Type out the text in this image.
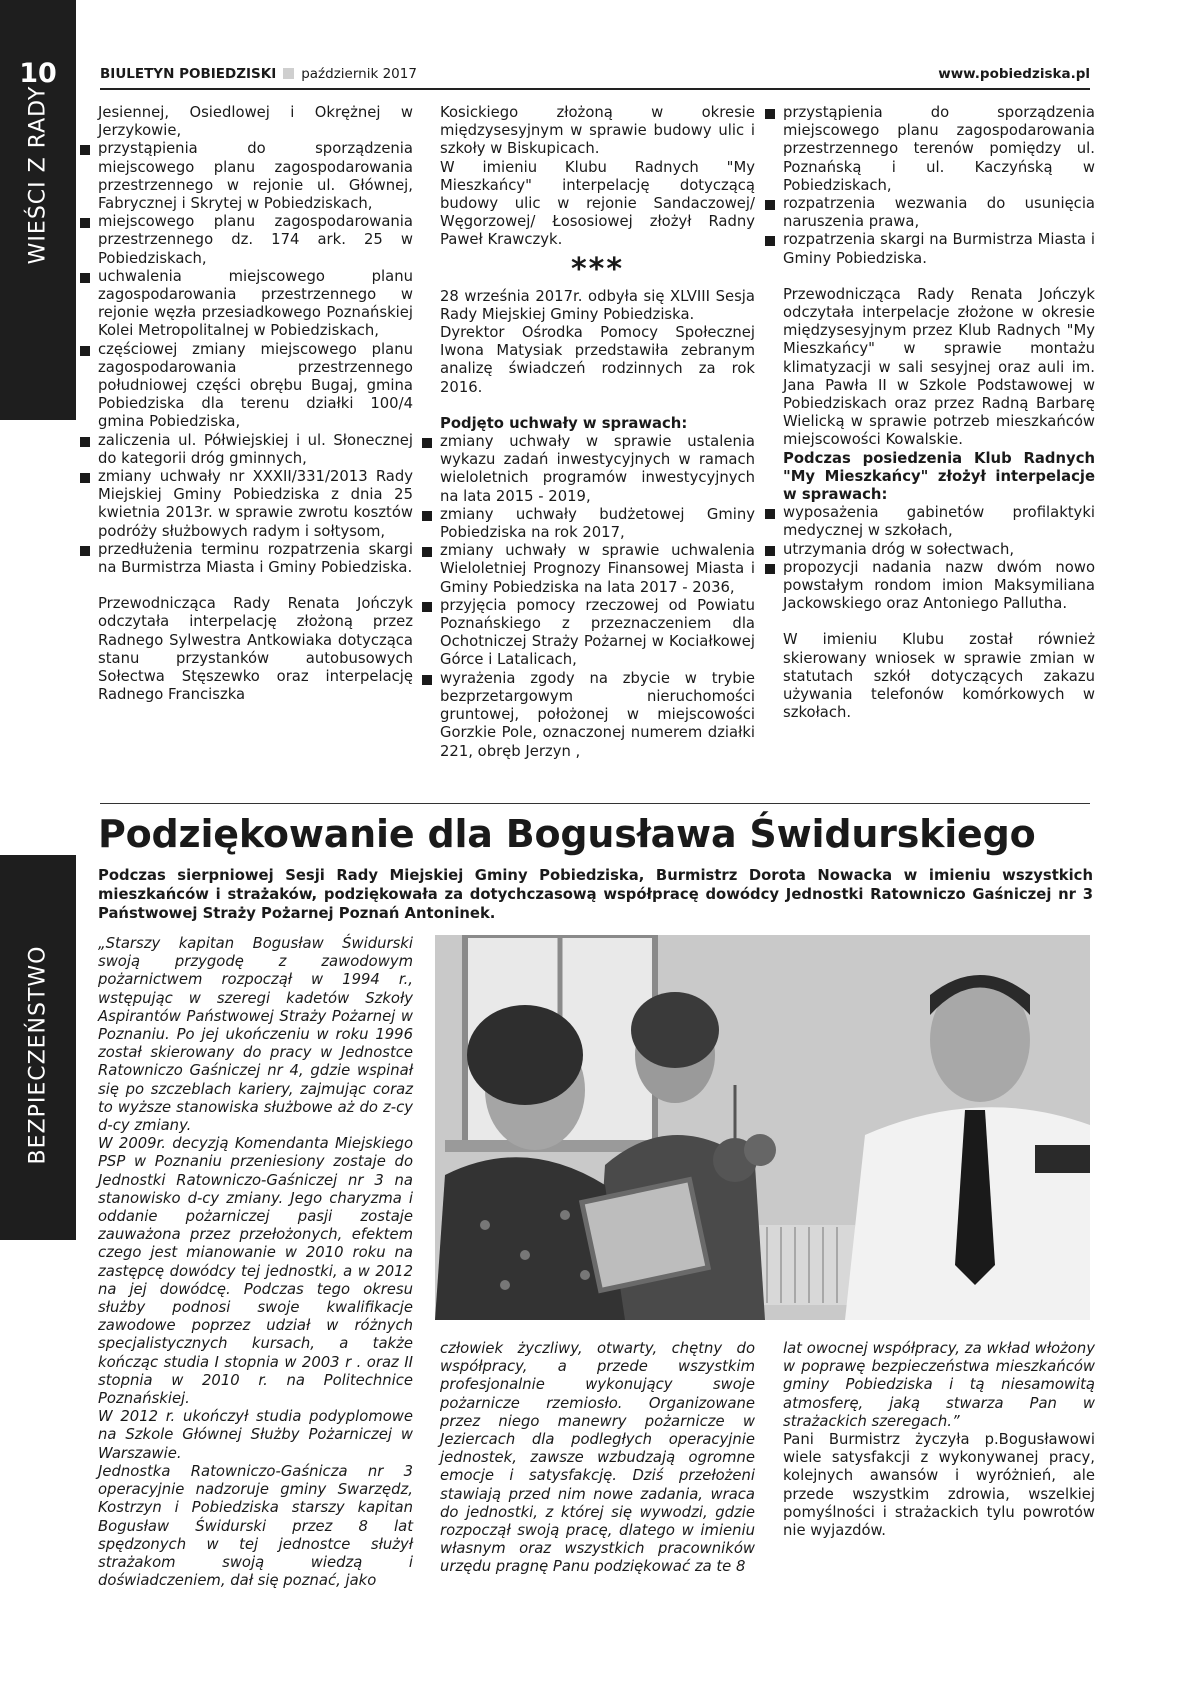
10
WIEŚCI Z RADY
BEZPIECZEŃSTWO
BIULETYN POBIEDZISKI październik 2017	www.pobiedziska.pl

Jesiennej, Osiedlowej i Okrężnej w Jerzykowie,

przystąpienia do sporządzenia miejscowego planu zagospodarowania przestrzennego w rejonie ul. Głównej, Fabrycznej i Skrytej w Pobiedziskach,
miejscowego planu zagospodarowania przestrzennego dz. 174 ark. 25 w Pobiedziskach,
uchwalenia miejscowego planu zagospodarowania przestrzennego w rejonie węzła przesiadkowego Poznańskiej Kolei Metropolitalnej w Pobiedziskach,
częściowej zmiany miejscowego planu zagospodarowania przestrzennego południowej części obrębu Bugaj, gmina Pobiedziska dla terenu działki 100/4 gmina Pobiedziska,
zaliczenia ul. Półwiejskiej i ul. Słonecznej do kategorii dróg gminnych,
zmiany uchwały nr XXXII/331/2013 Rady Miejskiej Gminy Pobiedziska z dnia 25 kwietnia 2013r. w sprawie zwrotu kosztów podróży służbowych radym i sołtysom,
przedłużenia terminu rozpatrzenia skargi na Burmistrza Miasta i Gminy Pobiedziska.

Przewodnicząca Rady Renata Jończyk odczytała interpelację złożoną przez Radnego Sylwestra Antkowiaka dotycząca stanu przystanków autobusowych Sołectwa Stęszewko oraz interpelację Radnego Franciszka

Kosickiego złożoną w okresie międzysesyjnym w sprawie budowy ulic i szkoły w Biskupicach.

W imieniu Klubu Radnych "My Mieszkańcy" interpelację dotyczącą budowy ulic w rejonie Sandaczowej/ Węgorzowej/ Łososiowej złożył Radny Paweł Krawczyk.

***

28 września 2017r. odbyła się XLVIII Sesja Rady Miejskiej Gminy Pobiedziska.

Dyrektor Ośrodka Pomocy Społecznej Iwona Matysiak przedstawiła zebranym analizę świadczeń rodzinnych za rok 2016.

Podjęto uchwały w sprawach:

zmiany uchwały w sprawie ustalenia wykazu zadań inwestycyjnych w ramach wieloletnich programów inwestycyjnych na lata 2015 - 2019,
zmiany uchwały budżetowej Gminy Pobiedziska na rok 2017,
zmiany uchwały w sprawie uchwalenia Wieloletniej Prognozy Finansowej Miasta i Gminy Pobiedziska na lata 2017 - 2036,
przyjęcia pomocy rzeczowej od Powiatu Poznańskiego z przeznaczeniem dla Ochotniczej Straży Pożarnej w Kociałkowej Górce i Latalicach,
wyrażenia zgody na zbycie w trybie bezprzetargowym nieruchomości gruntowej, położonej w miejscowości Gorzkie Pole, oznaczonej numerem działki 221, obręb Jerzyn ,
przystąpienia do sporządzenia miejscowego planu zagospodarowania przestrzennego terenów pomiędzy ul. Poznańską i ul. Kaczyńską w Pobiedziskach,
rozpatrzenia wezwania do usunięcia naruszenia prawa,
rozpatrzenia skargi na Burmistrza Miasta i Gminy Pobiedziska.

Przewodnicząca Rady Renata Jończyk odczytała interpelacje złożone w okresie międzysesyjnym przez Klub Radnych "My Mieszkańcy" w sprawie montażu klimatyzacji w sali sesyjnej oraz auli im. Jana Pawła II w Szkole Podstawowej w Pobiedziskach oraz przez Radną Barbarę Wielicką w sprawie potrzeb mieszkańców miejscowości Kowalskie.

Podczas posiedzenia Klub Radnych "My Mieszkańcy" złożył interpelacje w sprawach:

wyposażenia gabinetów profilaktyki medycznej w szkołach,
utrzymania dróg w sołectwach,
propozycji nadania nazw dwóm nowo powstałym rondom imion Maksymiliana Jackowskiego oraz Antoniego Pallutha.

W imieniu Klubu został również skierowany wniosek w sprawie zmian w statutach szkół dotyczących zakazu używania telefonów komórkowych w szkołach.

Podziękowanie dla Bogusława Świdurskiego
Podczas sierpniowej Sesji Rady Miejskiej Gminy Pobiedziska, Burmistrz Dorota Nowacka w imieniu wszystkich mieszkańców i strażaków, podziękowała za dotychczasową współpracę dowódcy Jednostki Ratowniczo Gaśniczej nr 3 Państwowej Straży Pożarnej Poznań Antoninek.

„Starszy kapitan Bogusław Świdurski swoją przygodę z zawodowym pożarnictwem rozpoczął w 1994 r., wstępując w szeregi kadetów Szkoły Aspirantów Państwowej Straży Pożarnej w Poznaniu. Po jej ukończeniu w roku 1996 został skierowany do pracy w Jednostce Ratowniczo Gaśniczej nr 4, gdzie wspinał się po szczeblach kariery, zajmując coraz to wyższe stanowiska służbowe aż do z-cy d-cy zmiany.

W 2009r. decyzją Komendanta Miejskiego PSP w Poznaniu przeniesiony zostaje do Jednostki Ratowniczo-Gaśniczej nr 3 na stanowisko d-cy zmiany. Jego charyzma i oddanie pożarniczej pasji zostaje zauważona przez przełożonych, efektem czego jest mianowanie w 2010 roku na zastępcę dowódcy tej jednostki, a w 2012 na jej dowódcę. Podczas tego okresu służby podnosi swoje kwalifikacje zawodowe poprzez udział w różnych specjalistycznych kursach, a także kończąc studia I stopnia w 2003 r . oraz II stopnia w 2010 r. na Politechnice Poznańskiej.

W 2012 r. ukończył studia podyplomowe na Szkole Głównej Służby Pożarniczej w Warszawie.

Jednostka Ratowniczo-Gaśnicza nr 3 operacyjnie nadzoruje gminy Swarzędz, Kostrzyn i Pobiedziska starszy kapitan Bogusław Świdurski przez 8 lat spędzonych w tej jednostce służył strażakom swoją wiedzą i doświadczeniem, dał się poznać, jako

człowiek życzliwy, otwarty, chętny do współpracy, a przede wszystkim profesjonalnie wykonujący swoje pożarnicze rzemiosło. Organizowane przez niego manewry pożarnicze w Jeziercach dla podległych operacyjnie jednostek, zawsze wzbudzają ogromne emocje i satysfakcję. Dziś przełożeni stawiają przed nim nowe zadania, wraca do jednostki, z której się wywodzi, gdzie rozpoczął swoją pracę, dlatego w imieniu własnym oraz wszystkich pracowników urzędu pragnę Panu podziękować za te 8

lat owocnej współpracy, za wkład włożony w poprawę bezpieczeństwa mieszkańców gminy Pobiedziska i tą niesamowitą atmosferę, jaką stwarza Pan w strażackich szeregach.”

Pani Burmistrz życzyła p.Bogusławowi wiele satysfakcji z wykonywanej pracy, kolejnych awansów i wyróżnień, ale przede wszystkim zdrowia, wszelkiej pomyślności i strażackich tylu powrotów nie wyjazdów.
